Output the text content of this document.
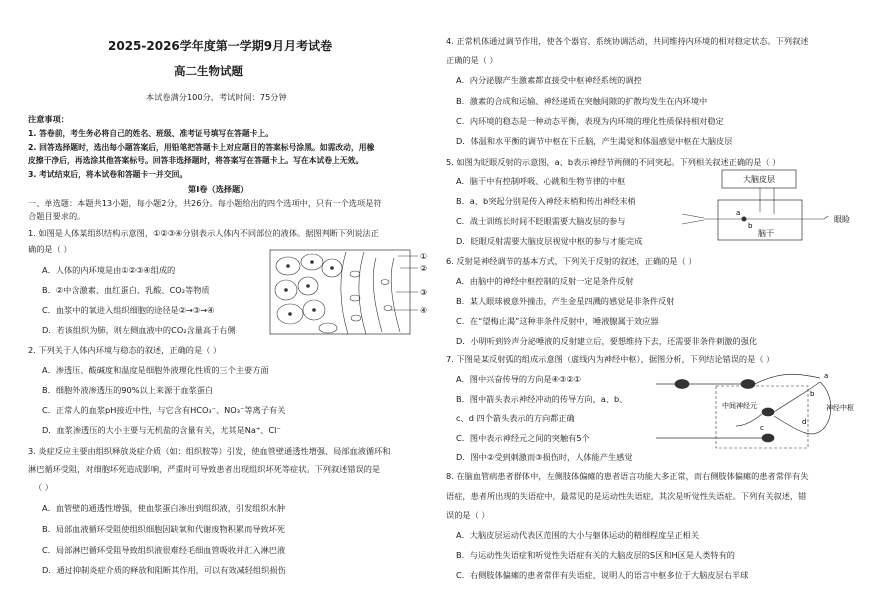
2025-2026学年度第一学期9月月考试卷
高二生物试题
本试卷满分100分，考试时间：75分钟
注意事项：
1. 答卷前，考生务必将自己的姓名、班级、准考证号填写在答题卡上。
2. 回答选择题时，选出每小题答案后，用铅笔把答题卡上对应题目的答案标号涂黑。如需改动，用橡
皮擦干净后，再选涂其他答案标号。回答非选择题时，将答案写在答题卡上。写在本试卷上无效。
3. 考试结束后，将本试卷和答题卡一并交回。
第Ⅰ卷（选择题）
一、单选题：本题共13小题，每小题2分，共26分。每小题给出的四个选项中，只有一个选项是符
合题目要求的。
1. 如图是人体某组织结构示意图，①②③④分别表示人体内不同部位的液体。据图判断下列说法正
确的是（ ）
A．人体的内环境是由①②③④组成的
B．②中含激素、血红蛋白、乳酸、CO₂等物质
C．血浆中的氧进入组织细胞的途径是②→③→④
D．若该组织为肺，则左侧血液中的CO₂含量高于右侧
①
②
③
④
2. 下列关于人体内环境与稳态的叙述，正确的是（ ）
A．渗透压、酸碱度和温度是细胞外液理化性质的三个主要方面
B．细胞外液渗透压的90%以上来源于血浆蛋白
C．正常人的血浆pH接近中性，与它含有HCO₃⁻、NO₃⁻等离子有关
D．血浆渗透压的大小主要与无机盐的含量有关，尤其是Na⁺、Cl⁻
3. 炎症反应主要由组织释放炎症介质（如：组织胺等）引发，使血管壁通透性增强、局部血液循环和
淋巴循环受阻，对细胞坏死造成影响，严重时可导致患者出现组织坏死等症状。下列叙述错误的是
（ ）
A．血管壁的通透性增强，使血浆蛋白渗出到组织液，引发组织水肿
B．局部血液循环受阻使组织细胞因缺氧和代谢废物积累而导致坏死
C．局部淋巴循环受阻导致组织液很难经毛细血管吸收并汇入淋巴液
D．通过抑制炎症介质的释放和阻断其作用，可以有效减轻组织损伤
4. 正常机体通过调节作用，使各个器官、系统协调活动，共同维持内环境的相对稳定状态。下列叙述
正确的是（ ）
A．内分泌腺产生激素都直接受中枢神经系统的调控
B．激素的合成和运输、神经递质在突触间隙的扩散均发生在内环境中
C．内环境的稳态是一种动态平衡，表现为内环境的理化性质保持相对稳定
D．体温和水平衡的调节中枢在下丘脑，产生渴觉和体温感觉中枢在大脑皮层
5. 如图为眨眼反射的示意图，a、b表示神经节两侧的不同突起。下列相关叙述正确的是（ ）
A．脑干中有控制呼吸、心跳和生物节律的中枢
B．a、b突起分别是传入神经末梢和传出神经末梢
C．战士训练长时间不眨眼需要大脑皮层的参与
D．眨眼反射需要大脑皮层视觉中枢的参与才能完成
大脑皮层
脑干
a
b
眼睑
6. 反射是神经调节的基本方式，下列关于反射的叙述，正确的是（ ）
A．由脑中的神经中枢控制的反射一定是条件反射
B．某人眼球被意外撞击，产生金星四溅的感觉是非条件反射
C．在“望梅止渴”这种非条件反射中，唾液腺属于效应器
D．小明听到铃声分泌唾液的反射建立后，要想维持下去，还需要非条件刺激的强化
7. 下图是某反射弧的组成示意图（虚线内为神经中枢），据图分析，下列结论错误的是（ ）
A．图中兴奋传导的方向是④③②①
B．图中箭头表示神经冲动的传导方向，a、b、
c、d 四个箭头表示的方向都正确
C．图中表示神经元之间的突触有5个
D．图中②受到刺激而③损伤时，人体能产生感觉
a
b
c
d
中间神经元	神经中枢
8. 在脑血管病患者群体中，左侧肢体偏瘫的患者语言功能大多正常，而右侧肢体偏瘫的患者常伴有失
语症，患者所出现的失语症中，最常见的是运动性失语症，其次是听觉性失语症。下列有关叙述，错
误的是（ ）
A．大脑皮层运动代表区范围的大小与躯体运动的精细程度呈正相关
B．与运动性失语症和听觉性失语症有关的大脑皮层的S区和H区是人类特有的
C．右侧肢体偏瘫的患者常伴有失语症，说明人的语言中枢多位于大脑皮层右半球
